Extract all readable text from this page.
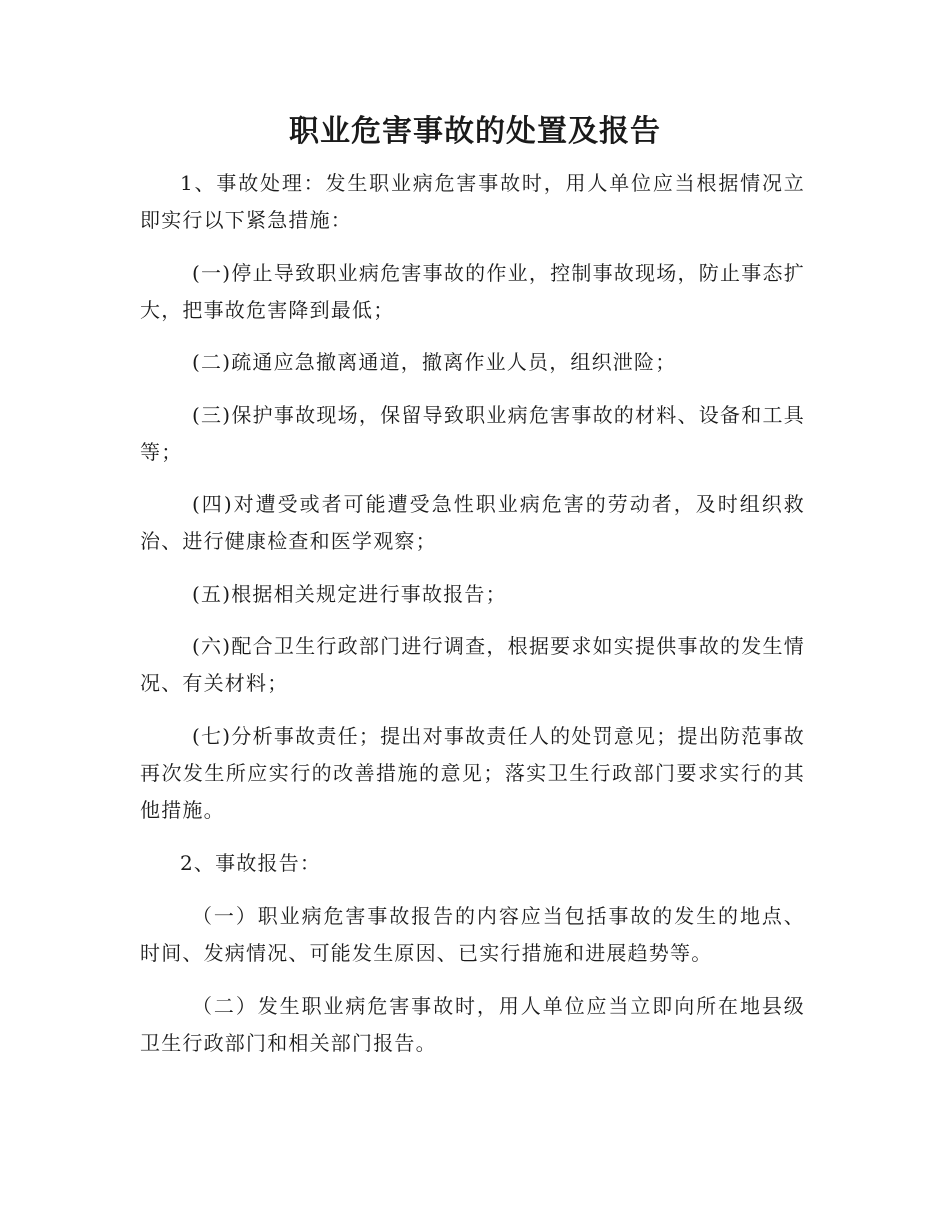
职业危害事故的处置及报告

1、事故处理：发生职业病危害事故时，用人单位应当根据情况立即实行以下紧急措施：

(一)停止导致职业病危害事故的作业，控制事故现场，防止事态扩大，把事故危害降到最低；

(二)疏通应急撤离通道，撤离作业人员，组织泄险；

(三)保护事故现场，保留导致职业病危害事故的材料、设备和工具等；

(四)对遭受或者可能遭受急性职业病危害的劳动者，及时组织救治、进行健康检查和医学观察；

(五)根据相关规定进行事故报告；

(六)配合卫生行政部门进行调查，根据要求如实提供事故的发生情况、有关材料；

(七)分析事故责任；提出对事故责任人的处罚意见；提出防范事故再次发生所应实行的改善措施的意见；落实卫生行政部门要求实行的其他措施。

2、事故报告：

（一）职业病危害事故报告的内容应当包括事故的发生的地点、时间、发病情况、可能发生原因、已实行措施和进展趋势等。

（二）发生职业病危害事故时，用人单位应当立即向所在地县级卫生行政部门和相关部门报告。
